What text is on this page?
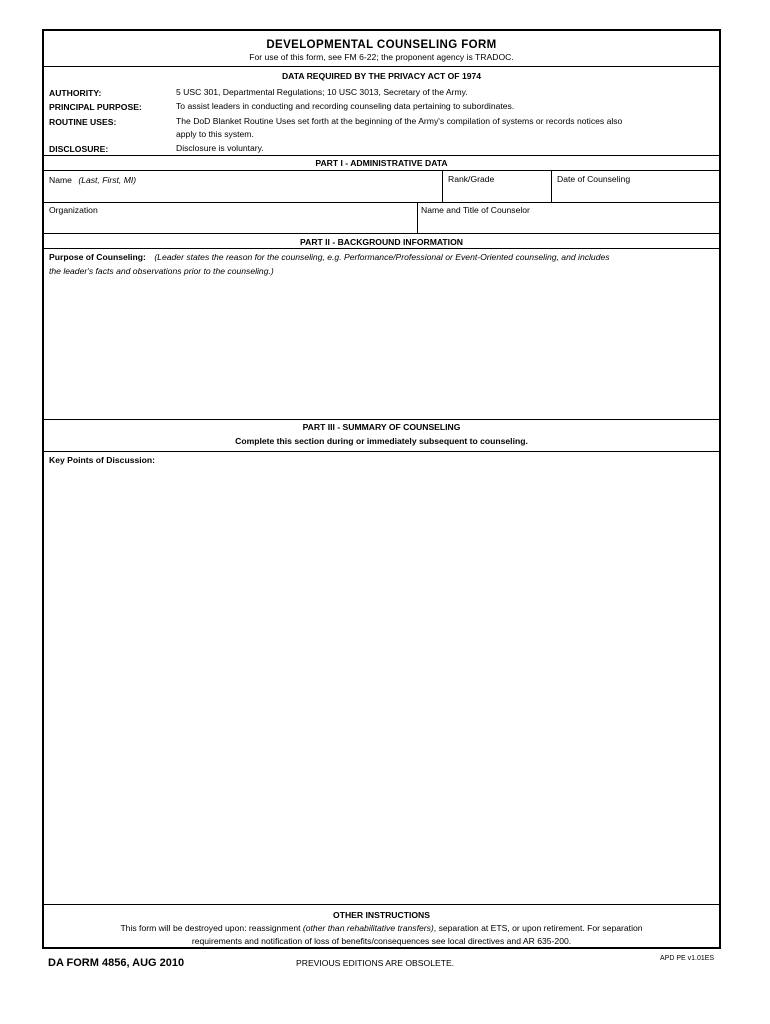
DEVELOPMENTAL COUNSELING FORM
For use of this form, see FM 6-22; the proponent agency is TRADOC.
DATA REQUIRED BY THE PRIVACY ACT OF 1974
AUTHORITY:	5 USC 301, Departmental Regulations; 10 USC 3013, Secretary of the Army.
PRINCIPAL PURPOSE:	To assist leaders in conducting and recording counseling data pertaining to subordinates.
ROUTINE USES:	The DoD Blanket Routine Uses set forth at the beginning of the Army's compilation of systems or records notices also
apply to this system.
DISCLOSURE:	Disclosure is voluntary.
PART I - ADMINISTRATIVE DATA
Name (Last, First, MI)	Rank/Grade	Date of Counseling
Organization	Name and Title of Counselor
PART II - BACKGROUND INFORMATION
Purpose of Counseling: (Leader states the reason for the counseling, e.g. Performance/Professional or Event-Oriented counseling, and includes
the leader's facts and observations prior to the counseling.)
PART III - SUMMARY OF COUNSELING
Complete this section during or immediately subsequent to counseling.
Key Points of Discussion:
OTHER INSTRUCTIONS
This form will be destroyed upon: reassignment (other than rehabilitative transfers), separation at ETS, or upon retirement. For separation
requirements and notification of loss of benefits/consequences see local directives and AR 635-200.
DA FORM 4856, AUG 2010	PREVIOUS EDITIONS ARE OBSOLETE.	APD PE v1.01ES
